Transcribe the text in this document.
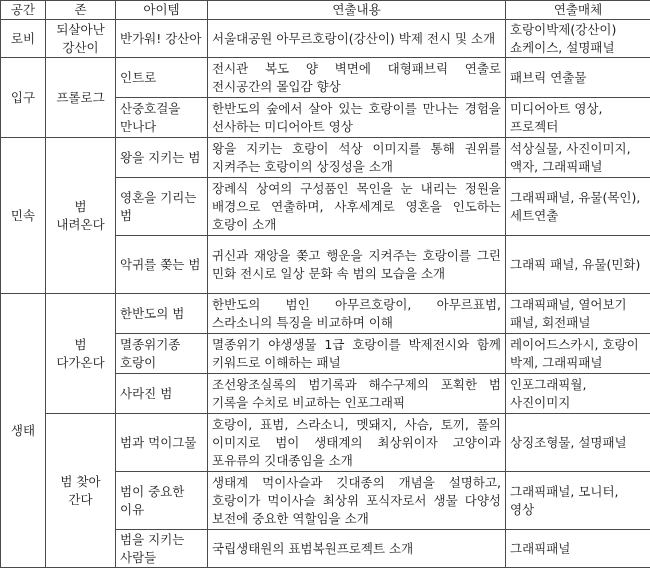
공간	존	아이템	연출내용	연출매체
로비	되살아난 강산이	반가워! 강산아	서울대공원 아무르호랑이(강산이) 박제 전시 및 소개	호랑이박제(강산이) 쇼케이스, 설명패널
입구	프롤로그	인트로	전시관 복도 양 벽면에 대형패브릭 연출로 전시공간의 몰입감 향상	패브릭 연출물
		산중호걸을 만나다	한반도의 숲에서 살아 있는 호랑이를 만나는 경험을 선사하는 미디어아트 영상	미디어아트 영상, 프로젝터
민속	범 내려온다	왕을 지키는 범	왕을 지키는 호랑이 석상 이미지를 통해 권위를 지켜주는 호랑이의 상징성을 소개	석상실물, 사진이미지, 액자, 그래픽패널
		영혼을 기리는 범	장례식 상여의 구성품인 목인을 눈 내리는 정원을 배경으로 연출하며, 사후세계로 영혼을 인도하는 호랑이 소개	그래픽패널, 유물(목인), 세트연출
		악귀를 쫒는 범	귀신과 재앙을 쫒고 행운을 지켜주는 호랑이를 그린 민화 전시로 일상 문화 속 범의 모습을 소개	그래픽 패널, 유물(민화)
생태	범 다가온다	한반도의 범	한반도의 범인 아무르호랑이, 아무르표범, 스라소니의 특징을 비교하며 이해	그래픽패널, 열어보기 패널, 회전패널
		멸종위기종 호랑이	멸종위기 야생생물 1급 호랑이를 박제전시와 함께 키워드로 이해하는 패널	레이어드스카시, 호랑이 박제, 그래픽패널
		사라진 범	조선왕조실록의 범기록과 해수구제의 포획한 범 기록을 수치로 비교하는 인포그래픽	인포그래픽월, 사진이미지
	범 찾아 간다	범과 먹이그물	호랑이, 표범, 스라소니, 멧돼지, 사슴, 토끼, 풀의 이미지로 범이 생태계의 최상위이자 고양이과 포유류의 깃대종임을 소개	상징조형물, 설명패널
		범이 중요한 이유	생태계 먹이사슬과 깃대종의 개념을 설명하고, 호랑이가 먹이사슬 최상위 포식자로서 생물 다양성 보전에 중요한 역할임을 소개	그래픽패널, 모니터, 영상
		범을 지키는 사람들	국립생태원의 표범복원프로젝트 소개	그래픽패널
